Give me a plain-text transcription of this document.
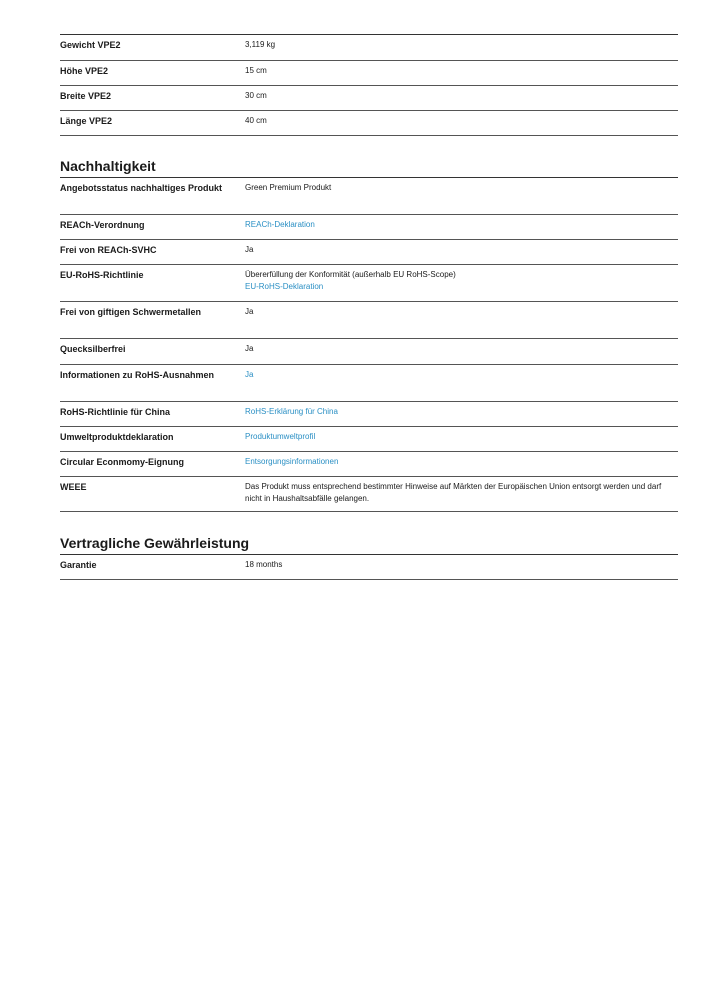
Gewicht VPE2	3,119 kg
Höhe VPE2	15 cm
Breite VPE2	30 cm
Länge VPE2	40 cm
Nachhaltigkeit
Angebotsstatus nachhaltiges Produkt	Green Premium Produkt
REACh-Verordnung	REACh-Deklaration
Frei von REACh-SVHC	Ja
EU-RoHS-Richtlinie	Übererfüllung der Konformität (außerhalb EU RoHS-Scope)
EU-RoHS-Deklaration
Frei von giftigen Schwermetallen	Ja
Quecksilberfrei	Ja
Informationen zu RoHS-Ausnahmen	Ja
RoHS-Richtlinie für China	RoHS-Erklärung für China
Umweltproduktdeklaration	Produktumweltprofil
Circular Econmomy-Eignung	Entsorgungsinformationen
WEEE	Das Produkt muss entsprechend bestimmter Hinweise auf Märkten der Europäischen Union entsorgt werden und darf nicht in Haushaltsabfälle gelangen.
Vertragliche Gewährleistung
Garantie	18 months
